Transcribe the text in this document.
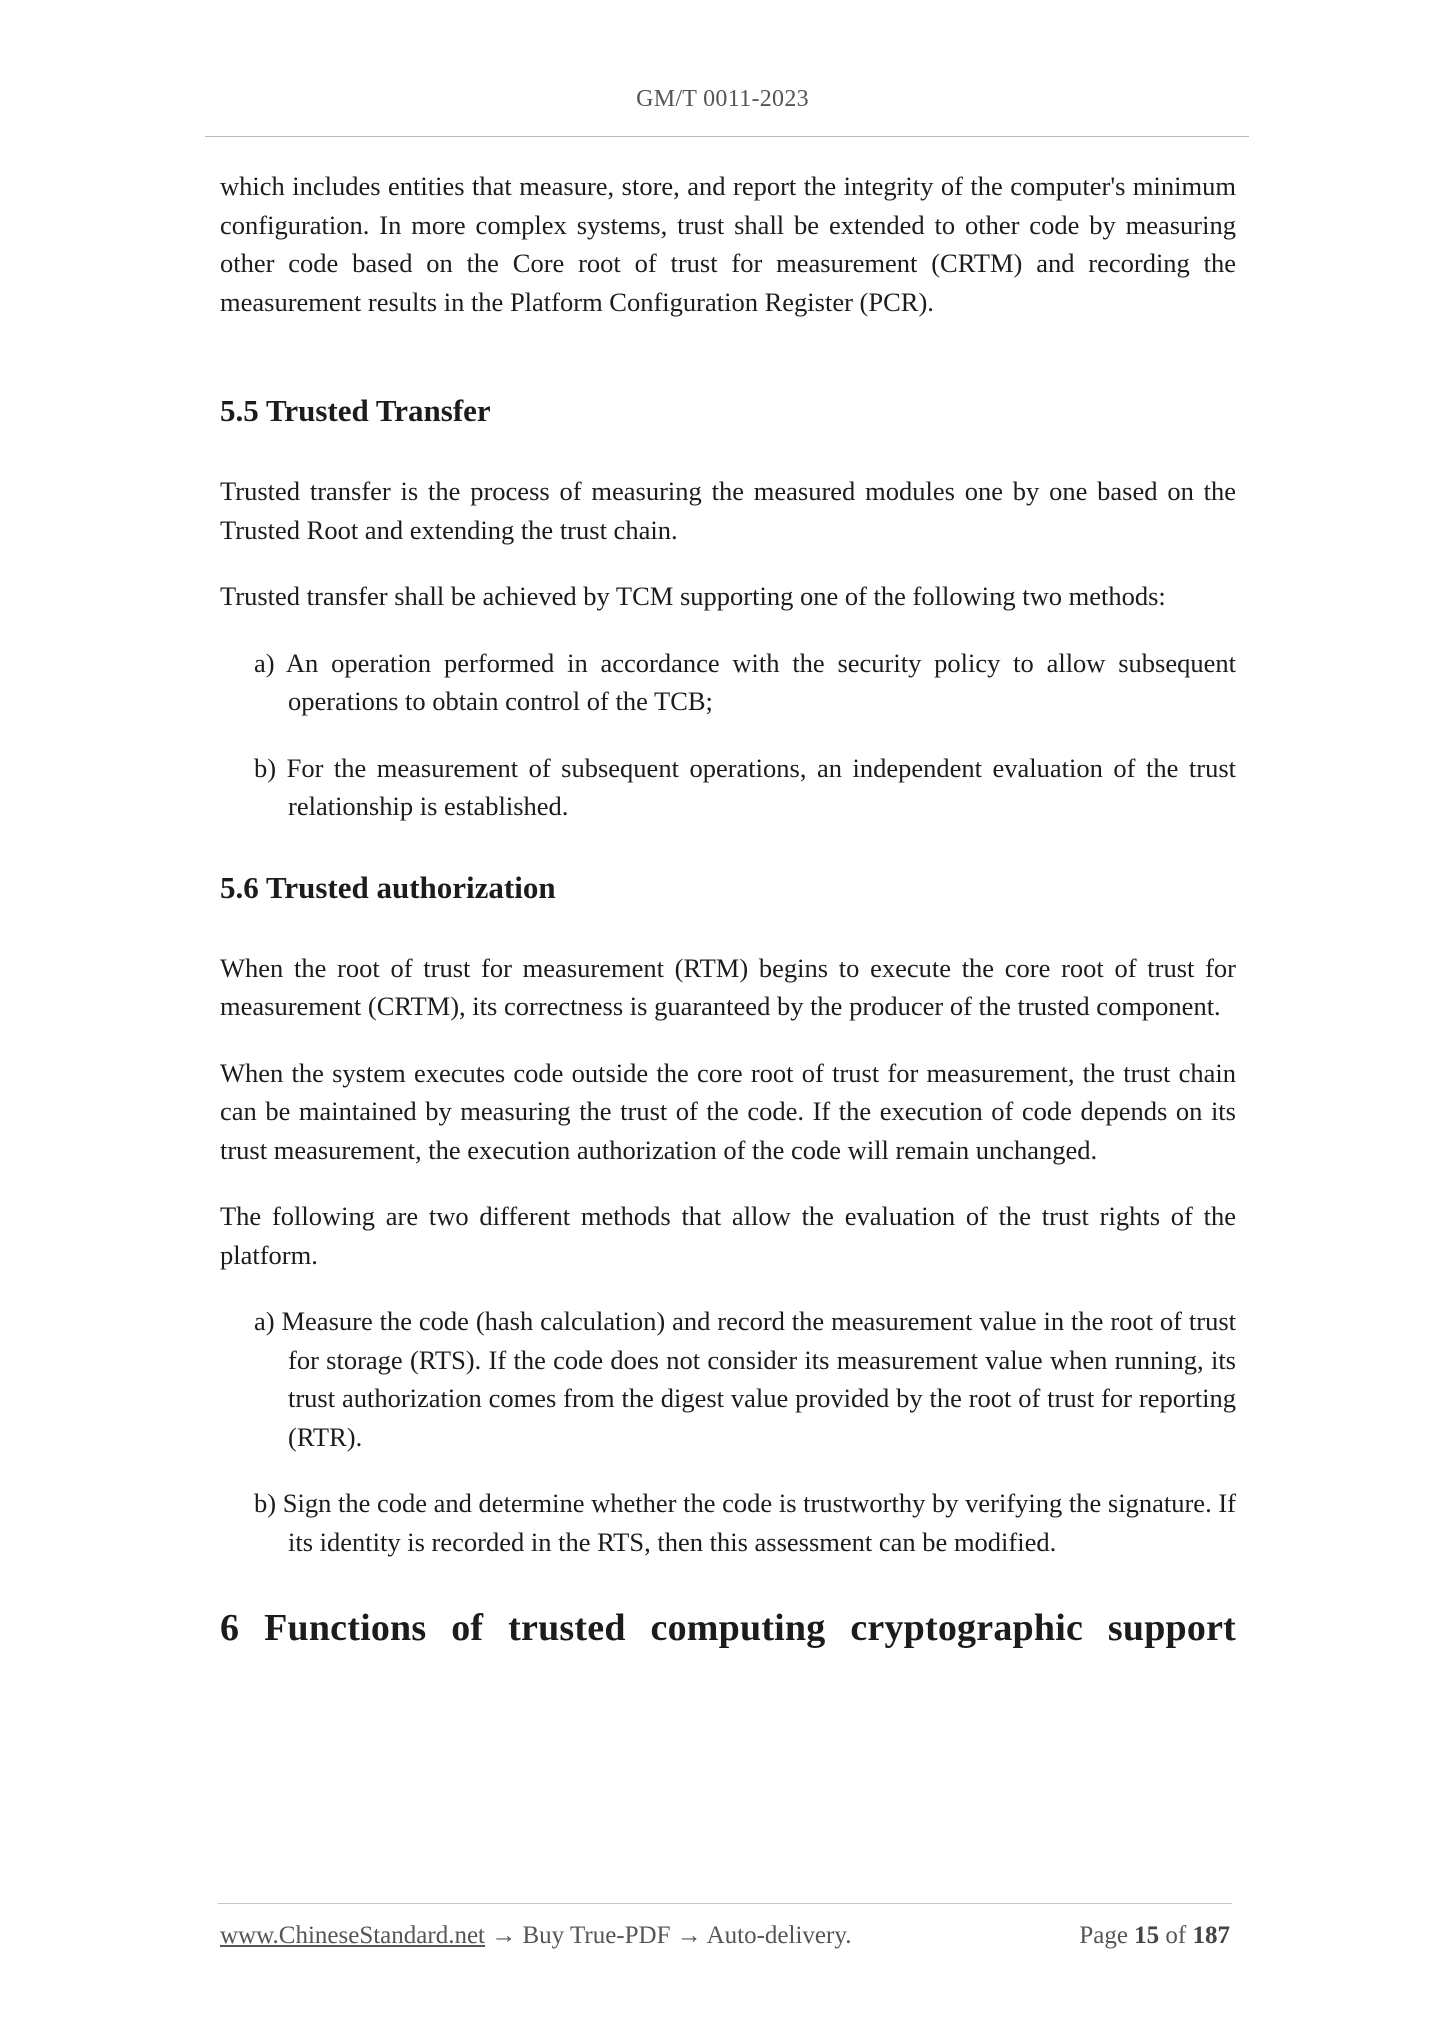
GM/T 0011-2023

which includes entities that measure, store, and report the integrity of the computer's minimum configuration. In more complex systems, trust shall be extended to other code by measuring other code based on the Core root of trust for measurement (CRTM) and recording the measurement results in the Platform Configuration Register (PCR).

5.5 Trusted Transfer

Trusted transfer is the process of measuring the measured modules one by one based on the Trusted Root and extending the trust chain.

Trusted transfer shall be achieved by TCM supporting one of the following two methods:

a) An operation performed in accordance with the security policy to allow subsequent operations to obtain control of the TCB;

b) For the measurement of subsequent operations, an independent evaluation of the trust relationship is established.

5.6 Trusted authorization

When the root of trust for measurement (RTM) begins to execute the core root of trust for measurement (CRTM), its correctness is guaranteed by the producer of the trusted component.

When the system executes code outside the core root of trust for measurement, the trust chain can be maintained by measuring the trust of the code. If the execution of code depends on its trust measurement, the execution authorization of the code will remain unchanged.

The following are two different methods that allow the evaluation of the trust rights of the platform.

a) Measure the code (hash calculation) and record the measurement value in the root of trust for storage (RTS). If the code does not consider its measurement value when running, its trust authorization comes from the digest value provided by the root of trust for reporting (RTR).

b) Sign the code and determine whether the code is trustworthy by verifying the signature. If its identity is recorded in the RTS, then this assessment can be modified.

6 Functions of trusted computing cryptographic support
www.ChineseStandard.net → Buy True-PDF → Auto-delivery.	Page 15 of 187
